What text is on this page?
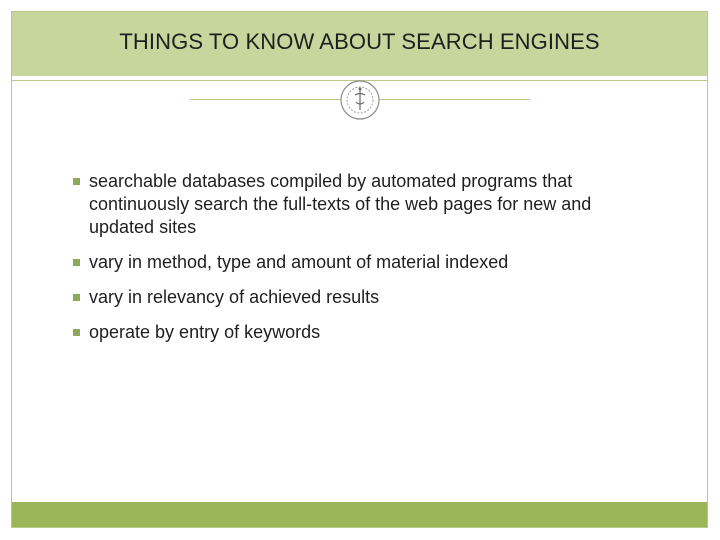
THINGS TO KNOW ABOUT SEARCH ENGINES
searchable databases compiled by automated programs that continuously search the full-texts of the web pages for new and updated sites
vary in method, type and amount of material indexed
vary in relevancy of achieved results
operate by entry of keywords
